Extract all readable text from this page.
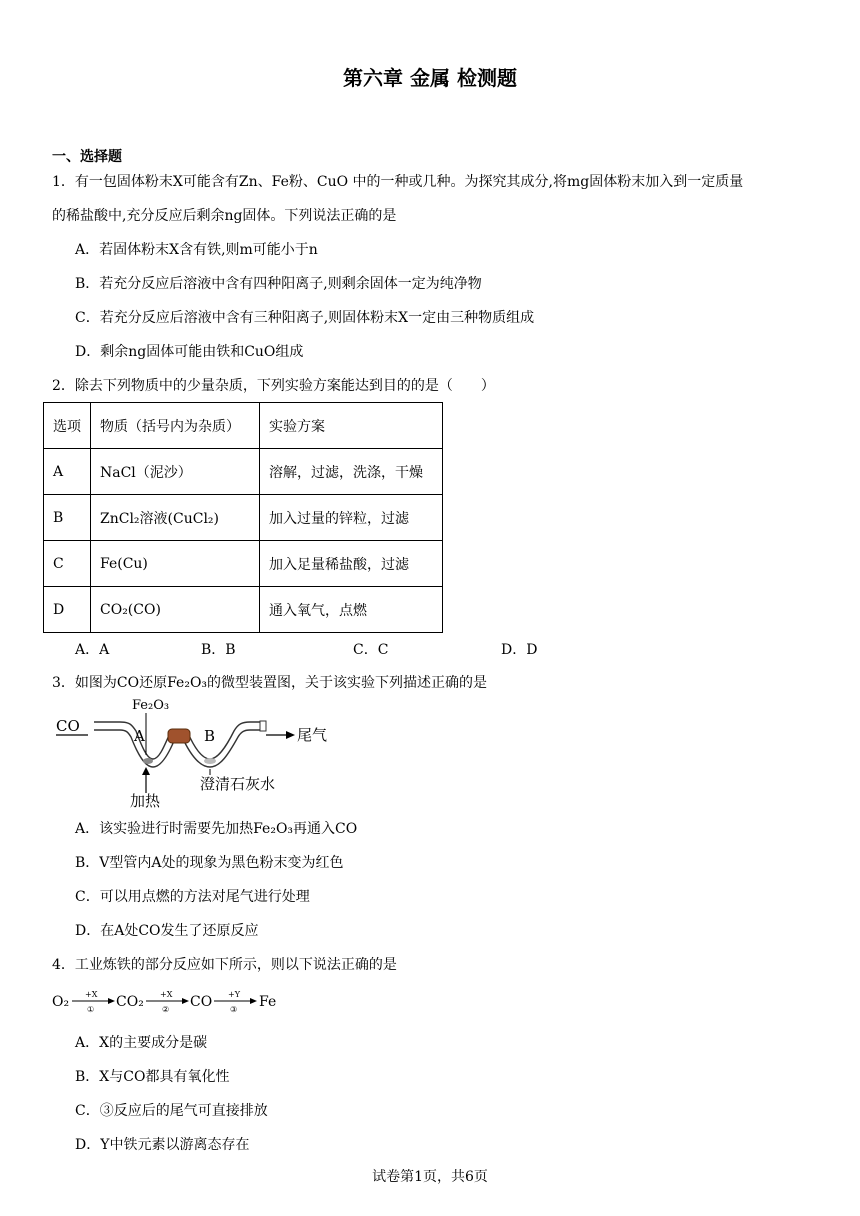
第六章 金属 检测题
一、选择题
1．有一包固体粉末X可能含有Zn、Fe粉、CuO 中的一种或几种。为探究其成分,将mg固体粉末加入到一定质量
的稀盐酸中,充分反应后剩余ng固体。下列说法正确的是
A．若固体粉末X含有铁,则m可能小于n
B．若充分反应后溶液中含有四种阳离子,则剩余固体一定为纯净物
C．若充分反应后溶液中含有三种阳离子,则固体粉末X一定由三种物质组成
D．剩余ng固体可能由铁和CuO组成
2．除去下列物质中的少量杂质，下列实验方案能达到目的的是（　　）
选项	物质（括号内为杂质）	实验方案
A	NaCl（泥沙）	溶解，过滤，洗涤，干燥
B	ZnCl₂溶液(CuCl₂)	加入过量的锌粒，过滤
C	Fe(Cu)	加入足量稀盐酸，过滤
D	CO₂(CO)	通入氧气，点燃
A．A	B．B	C．C	D．D
3．如图为CO还原Fe₂O₃的微型装置图，关于该实验下列描述正确的是
CO	尾气
Fe₂O₃
A	B
加热
澄清石灰水
A．该实验进行时需要先加热Fe₂O₃再通入CO
B．V型管内A处的现象为黑色粉末变为红色
C．可以用点燃的方法对尾气进行处理
D．在A处CO发生了还原反应
4．工业炼铁的部分反应如下所示，则以下说法正确的是
O₂ +X
① CO₂ +X
② CO +Y
③ Fe
A．X的主要成分是碳
B．X与CO都具有氧化性
C．③反应后的尾气可直接排放
D．Y中铁元素以游离态存在
试卷第1页，共6页
